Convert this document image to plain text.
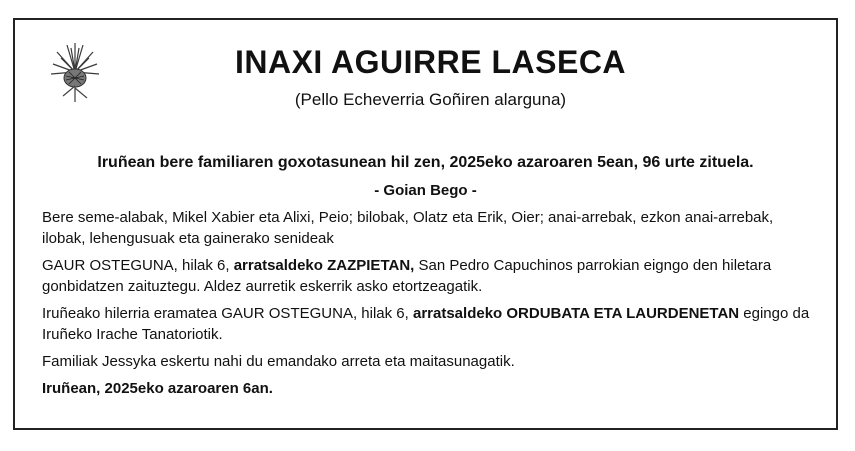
INAXI AGUIRRE LASECA
(Pello Echeverria Goñiren alarguna)
Iruñean bere familiaren goxotasunean hil zen, 2025eko azaroaren 5ean, 96 urte zituela.
- Goian Bego -

Bere seme-alabak, Mikel Xabier eta Alixi, Peio; bilobak, Olatz eta Erik, Oier; anai-arrebak, ezkon anai-arrebak, ilobak, lehengusuak eta gainerako senideak

GAUR OSTEGUNA, hilak 6, arratsaldeko ZAZPIETAN, San Pedro Capuchinos parrokian eigngo den hiletara gonbidatzen zaituztegu. Aldez aurretik eskerrik asko etortzeagatik.

Iruñeako hilerria eramatea GAUR OSTEGUNA, hilak 6, arratsaldeko ORDUBATA ETA LAURDENETAN egingo da Iruñeko Irache Tanatoriotik.

Familiak Jessyka eskertu nahi du emandako arreta eta maitasunagatik.

Iruñean, 2025eko azaroaren 6an.
